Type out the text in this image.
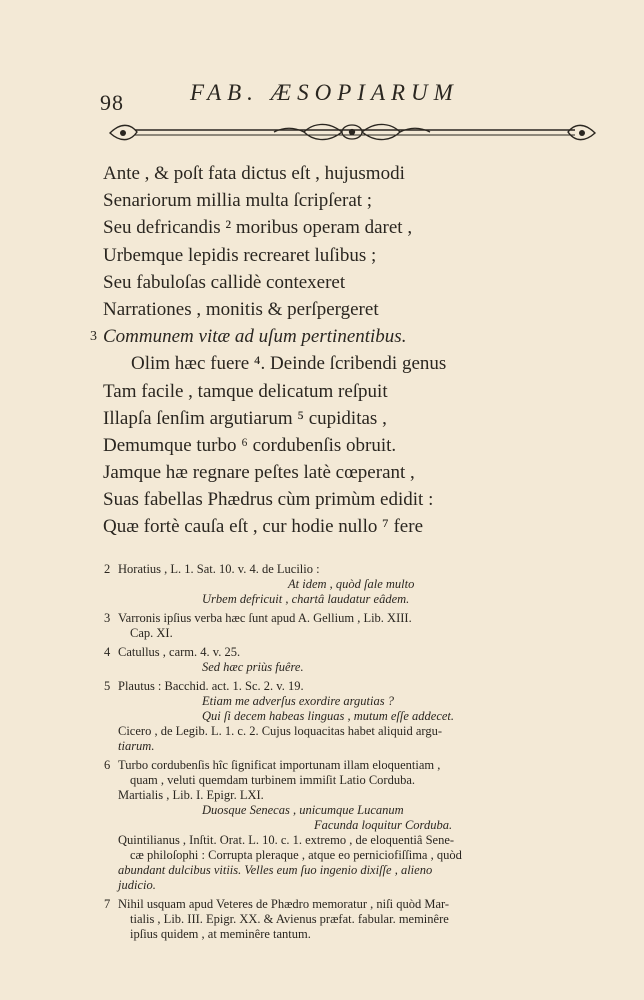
98	FAB. ÆSOPIARUM
Ante , & poſt fata dictus eſt , hujusmodi
Senariorum millia multa ſcripſerat ;
Seu defricandis ² moribus operam daret ,
Urbemque lepidis recrearet luſibus ;
Seu fabuloſas callidè contexeret
Narrationes , monitis & perſpergeret
3 Communem vitæ ad uſum pertinentibus.
Olim hæc fuere ⁴. Deinde ſcribendi genus
Tam facile , tamque delicatum reſpuit
Illapſa ſenſim argutiarum ⁵ cupiditas ,
Demumque turbo ⁶ cordubenſis obruit.
Jamque hæ regnare peſtes latè cœperant ,
Suas fabellas Phædrus cùm primùm edidit :
Quæ fortè cauſa eſt , cur hodie nullo ⁷ fere
2 Horatius , L. 1. Sat. 10. v. 4. de Lucilio :
At idem , quòd ſale multo
Urbem defricuit , chartâ laudatur eâdem.
3 Varronis ipſius verba hæc ſunt apud A. Gellium , Lib. XIII.
Cap. XI.
4 Catullus , carm. 4. v. 25.
Sed hæc priùs fuêre.
5 Plautus : Bacchid. act. 1. Sc. 2. v. 19.
Etiam me adverſus exordire argutias ?
Qui ſi decem habeas linguas , mutum eſſe addecet.
Cicero , de Legib. L. 1. c. 2. Cujus loquacitas habet aliquid argu-
tiarum.
6 Turbo cordubenſis hîc ſignificat importunam illam eloquentiam ,
quam , veluti quemdam turbinem immiſit Latio Corduba.
Martialis , Lib. I. Epigr. LXI.
Duosque Senecas , unicumque Lucanum
Facunda loquitur Corduba.
Quintilianus , Inſtit. Orat. L. 10. c. 1. extremo , de eloquentiâ Sene-
cæ philoſophi : Corrupta pleraque , atque eo perniciofiſſima , quòd
abundant dulcibus vitiis. Velles eum ſuo ingenio dixiſſe , alieno
judicio.
7 Nihil usquam apud Veteres de Phædro memoratur , niſi quòd Mar-
tialis , Lib. III. Epigr. XX. & Avienus præfat. fabular. meminêre
ipſius quidem , at meminêre tantum.
